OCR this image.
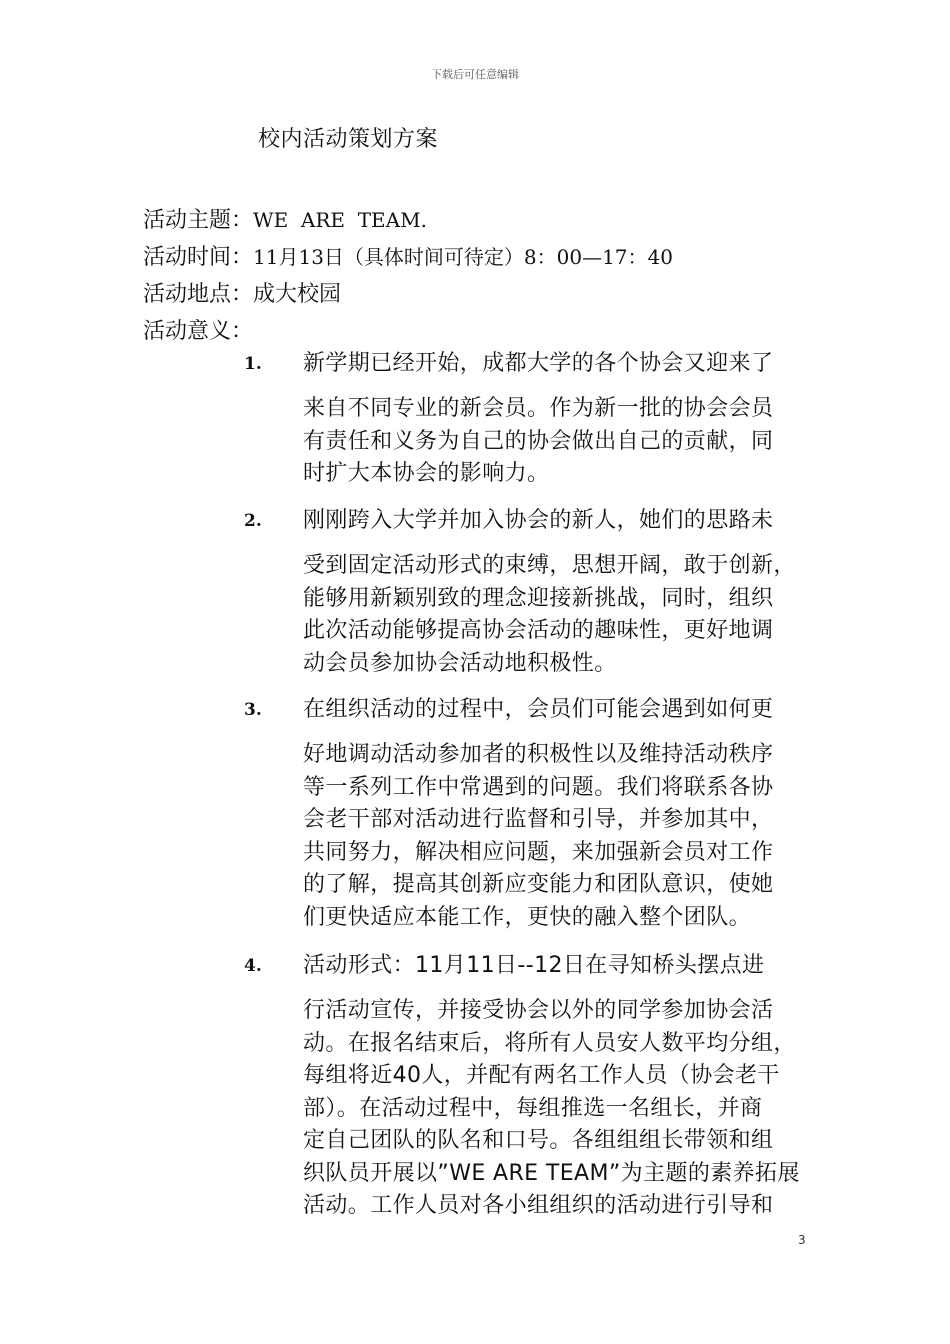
下载后可任意编辑
校内活动策划方案
活动主题：WE  ARE  TEAM.
活动时间：11月13日（具体时间可待定）8：00—17：40
活动地点：成大校园
活动意义：
1.	新学期已经开始，成都大学的各个协会又迎来了
来自不同专业的新会员。作为新一批的协会会员
有责任和义务为自己的协会做出自己的贡献，同
时扩大本协会的影响力。
2.	刚刚跨入大学并加入协会的新人，她们的思路未
受到固定活动形式的束缚，思想开阔，敢于创新，
能够用新颖别致的理念迎接新挑战，同时，组织
此次活动能够提高协会活动的趣味性，更好地调
动会员参加协会活动地积极性。
3.	在组织活动的过程中，会员们可能会遇到如何更
好地调动活动参加者的积极性以及维持活动秩序
等一系列工作中常遇到的问题。我们将联系各协
会老干部对活动进行监督和引导，并参加其中，
共同努力，解决相应问题，来加强新会员对工作
的了解，提高其创新应变能力和团队意识，使她
们更快适应本能工作，更快的融入整个团队。
4.	活动形式：11月11日--12日在寻知桥头摆点进
行活动宣传，并接受协会以外的同学参加协会活
动。在报名结束后，将所有人员安人数平均分组，
每组将近40人，并配有两名工作人员（协会老干
部）。在活动过程中，每组推选一名组长，并商
定自己团队的队名和口号。各组组组长带领和组
织队员开展以”WE ARE TEAM”为主题的素养拓展
活动。工作人员对各小组组织的活动进行引导和
3
